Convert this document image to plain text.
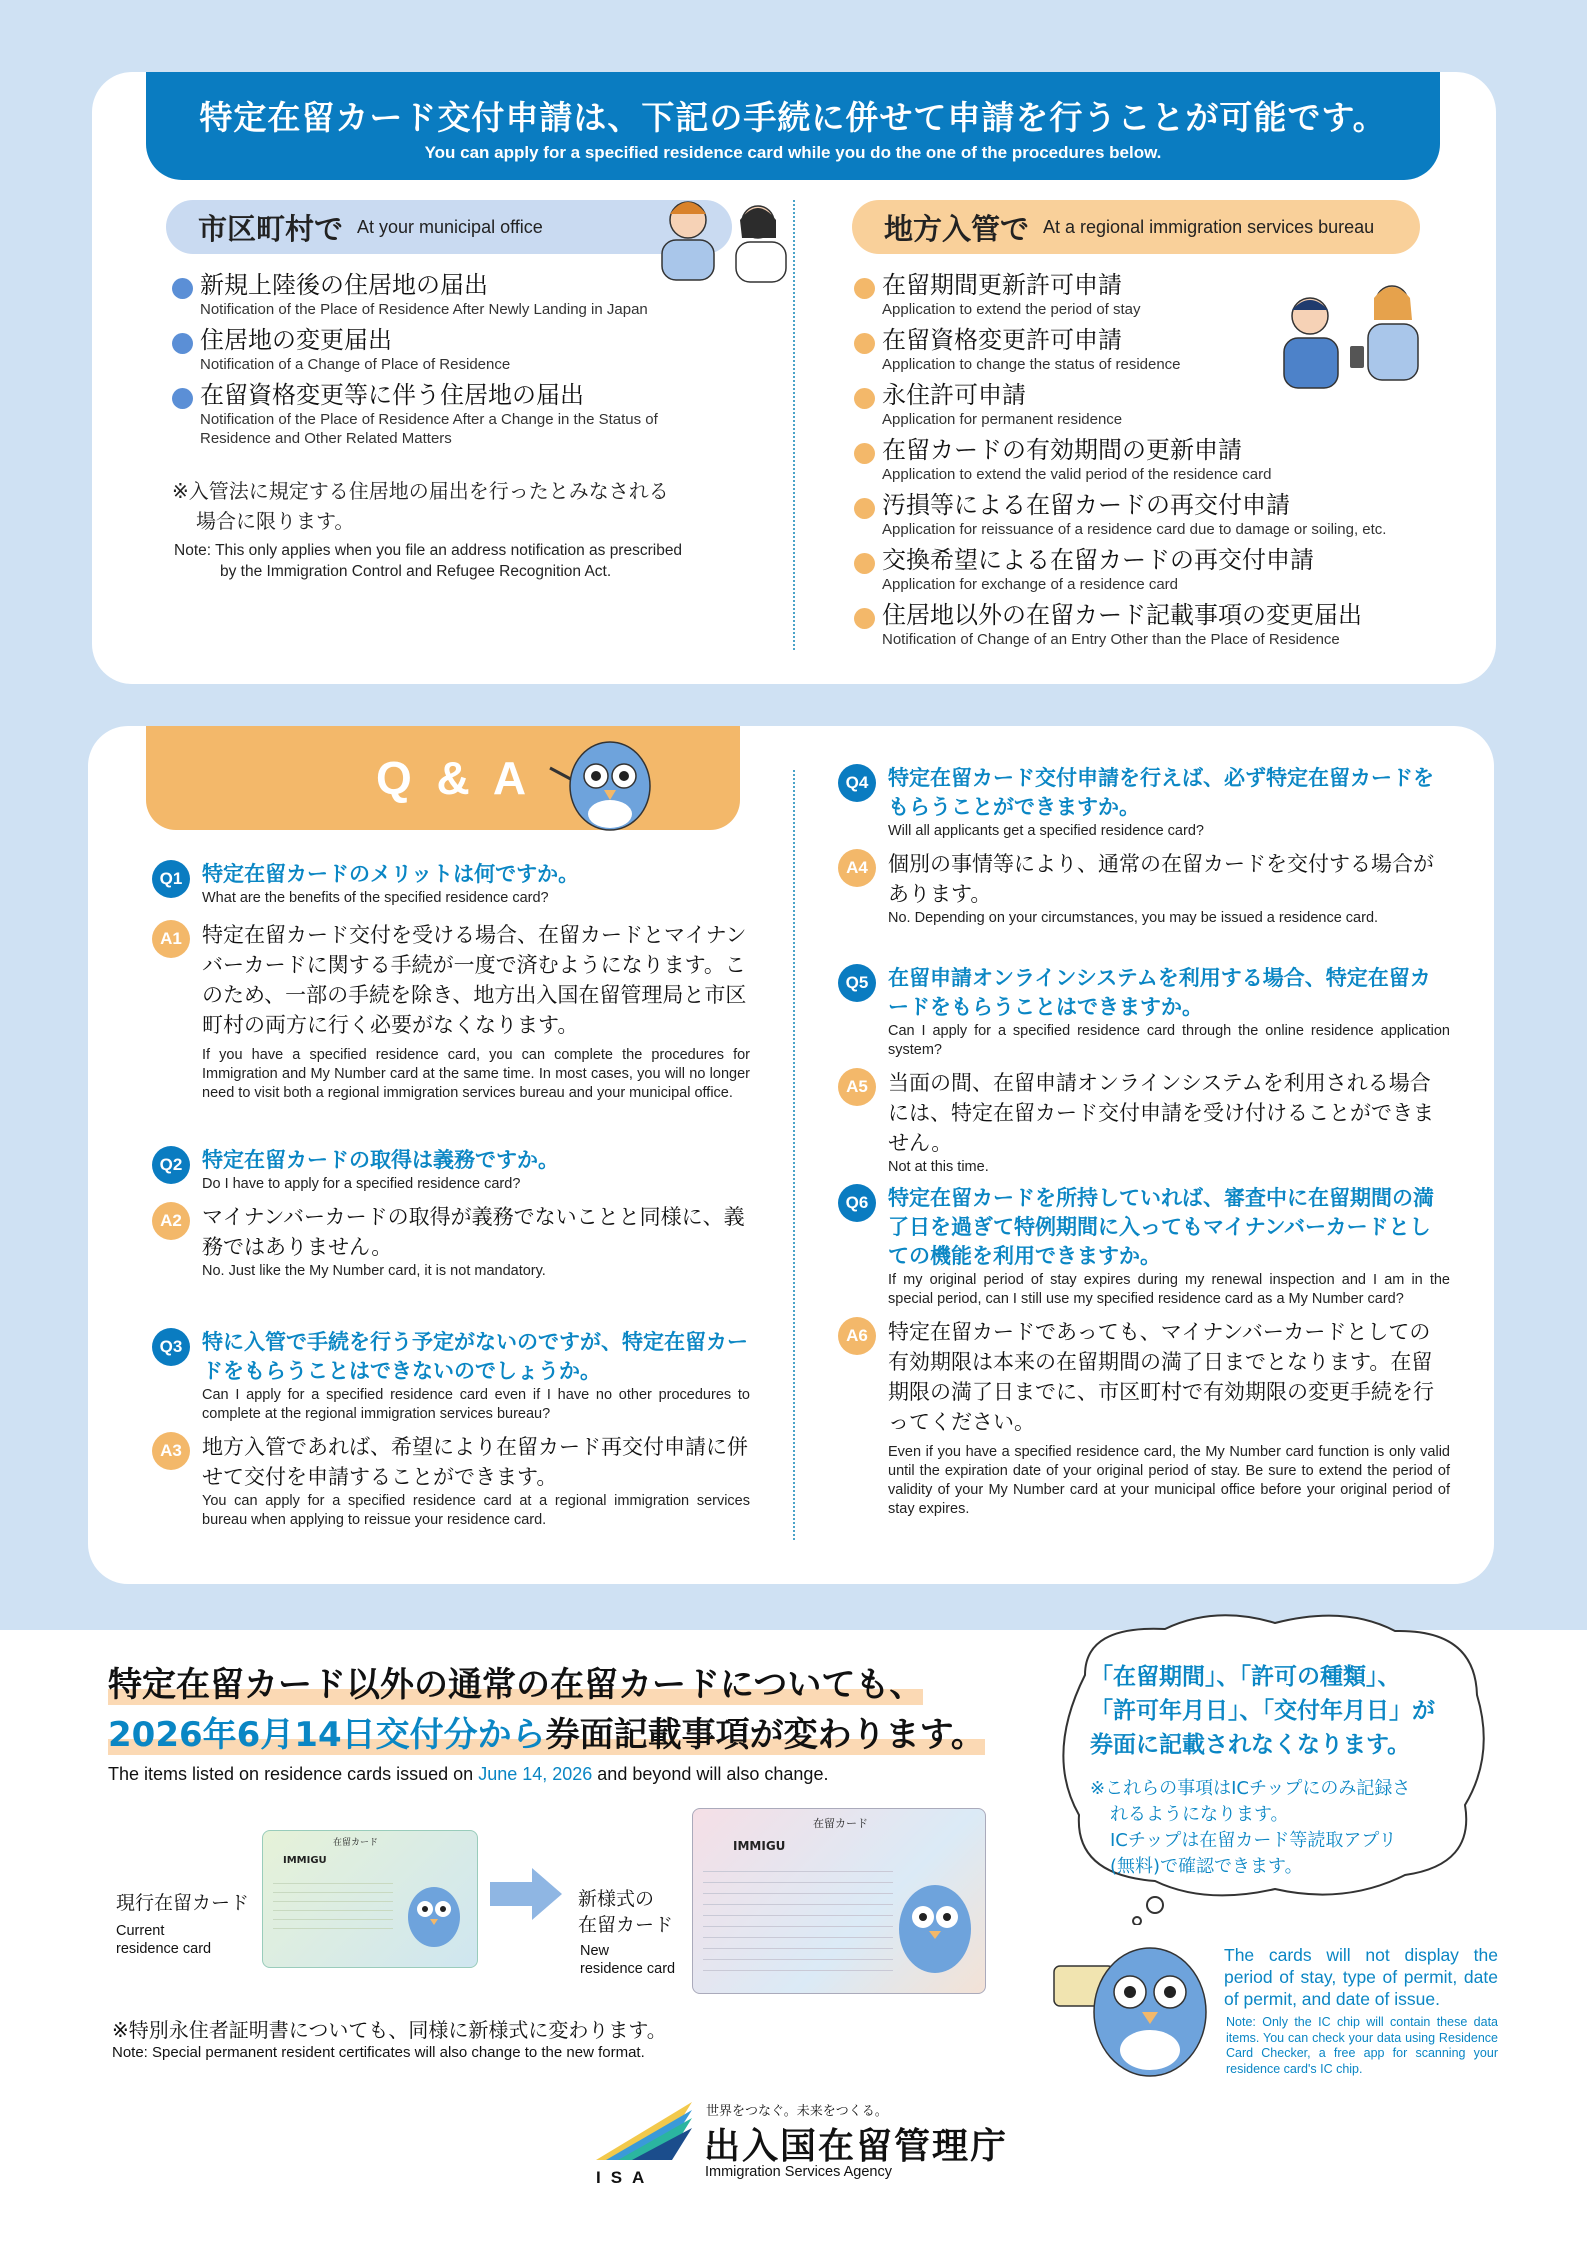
特定在留カード交付申請は、下記の手続に併せて申請を行うことが可能です。
You can apply for a specified residence card while you do the one of the procedures below.
市区町村で At your municipal office
新規上陸後の住居地の届出
Notification of the Place of Residence After Newly Landing in Japan
住居地の変更届出
Notification of a Change of Place of Residence
在留資格変更等に伴う住居地の届出
Notification of the Place of Residence After a Change in the Status of
Residence and Other Related Matters
※入管法に規定する住居地の届出を行ったとみなされる
場合に限ります。
Note: This only applies when you file an address notification as prescribed
by the Immigration Control and Refugee Recognition Act.
地方入管で At a regional immigration services bureau
在留期間更新許可申請
Application to extend the period of stay
在留資格変更許可申請
Application to change the status of residence
永住許可申請
Application for permanent residence
在留カードの有効期間の更新申請
Application to extend the valid period of the residence card
汚損等による在留カードの再交付申請
Application for reissuance of a residence card due to damage or soiling, etc.
交換希望による在留カードの再交付申請
Application for exchange of a residence card
住居地以外の在留カード記載事項の変更届出
Notification of Change of an Entry Other than the Place of Residence
Q & A
Q1 特定在留カードのメリットは何ですか。
What are the benefits of the specified residence card?
A1 特定在留カード交付を受ける場合、在留カードとマイナンバーカードに関する手続が一度で済むようになります。このため、一部の手続を除き、地方出入国在留管理局と市区町村の両方に行く必要がなくなります。
If you have a specified residence card, you can complete the procedures for Immigration and My Number card at the same time. In most cases, you will no longer need to visit both a regional immigration services bureau and your municipal office.
Q2 特定在留カードの取得は義務ですか。
Do I have to apply for a specified residence card?
A2 マイナンバーカードの取得が義務でないことと同様に、義務ではありません。
No. Just like the My Number card, it is not mandatory.
Q3 特に入管で手続を行う予定がないのですが、特定在留カードをもらうことはできないのでしょうか。
Can I apply for a specified residence card even if I have no other procedures to complete at the regional immigration services bureau?
A3 地方入管であれば、希望により在留カード再交付申請に併せて交付を申請することができます。
You can apply for a specified residence card at a regional immigration services bureau when applying to reissue your residence card.
Q4 特定在留カード交付申請を行えば、必ず特定在留カードをもらうことができますか。
Will all applicants get a specified residence card?
A4 個別の事情等により、通常の在留カードを交付する場合があります。
No. Depending on your circumstances, you may be issued a residence card.
Q5 在留申請オンラインシステムを利用する場合、特定在留カードをもらうことはできますか。
Can I apply for a specified residence card through the online residence application system?
A5 当面の間、在留申請オンラインシステムを利用される場合には、特定在留カード交付申請を受け付けることができません。
Not at this time.
Q6 特定在留カードを所持していれば、審査中に在留期間の満了日を過ぎて特例期間に入ってもマイナンバーカードとしての機能を利用できますか。
If my original period of stay expires during my renewal inspection and I am in the special period, can I still use my specified residence card as a My Number card?
A6 特定在留カードであっても、マイナンバーカードとしての有効期限は本来の在留期間の満了日までとなります。在留期限の満了日までに、市区町村で有効期限の変更手続を行ってください。
Even if you have a specified residence card, the My Number card function is only valid until the expiration date of your original period of stay. Be sure to extend the period of validity of your My Number card at your municipal office before your original period of stay expires.
特定在留カード以外の通常の在留カードについても、
2026年6月14日交付分から券面記載事項が変わります。
The items listed on residence cards issued on June 14, 2026 and beyond will also change.
現行在留カード
Current
residence card
在留カード
IMMIGU
新様式の
在留カード
New
residence card
在留カード
IMMIGU
※特別永住者証明書についても、同様に新様式に変わります。
Note: Special permanent resident certificates will also change to the new format.
「在留期間」、「許可の種類」、
「許可年月日」、「交付年月日」が
券面に記載されなくなります。
※これらの事項はICチップにのみ記録さ
れるようになります。
ICチップは在留カード等読取アプリ
(無料)で確認できます。
The cards will not display the period of stay, type of permit, date of permit, and date of issue.
Note: Only the IC chip will contain these data items. You can check your data using Residence Card Checker, a free app for scanning your residence card's IC chip.
ISA
世界をつなぐ。未来をつくる。
出入国在留管理庁
Immigration Services Agency
